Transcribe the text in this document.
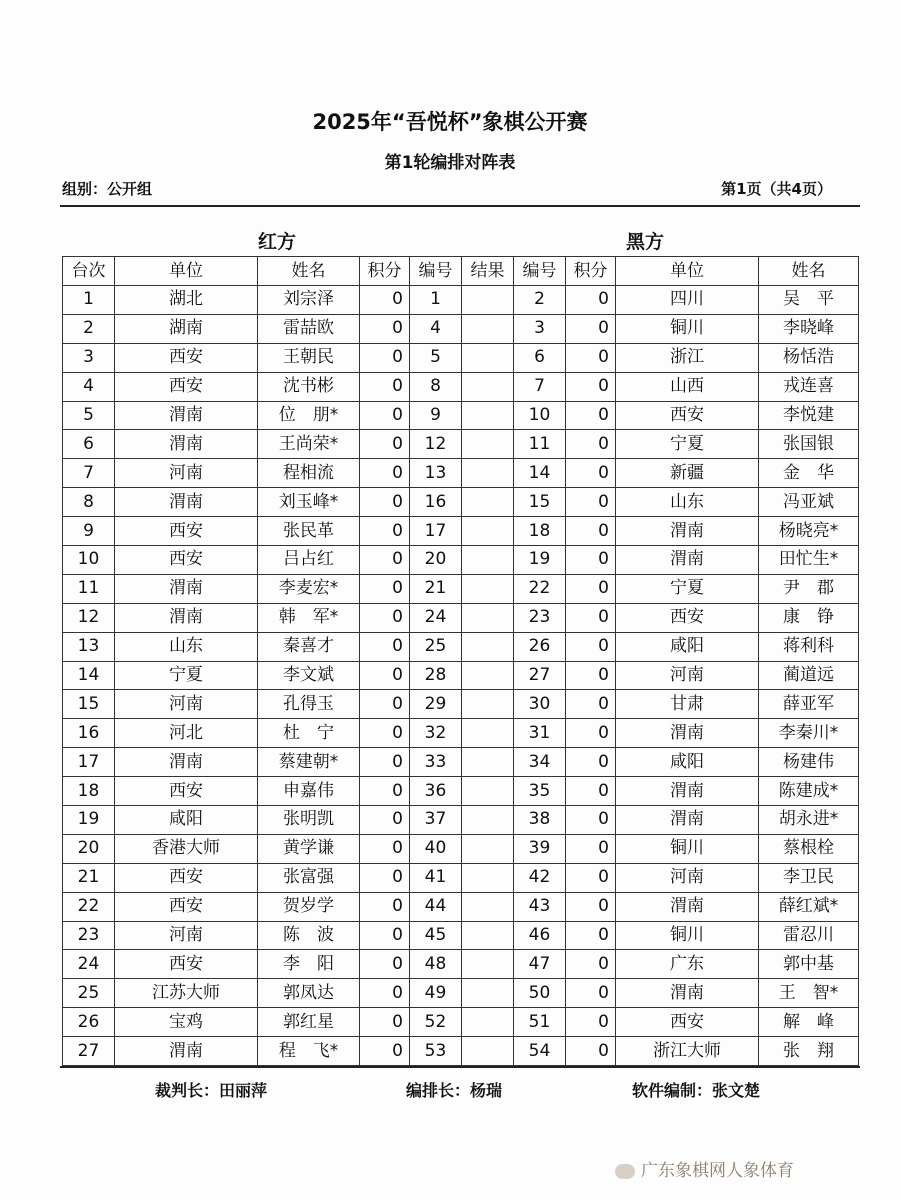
2025年“吾悦杯”象棋公开赛
第1轮编排对阵表
组别：公开组	第1页（共4页）
红方	黑方
台次	单位	姓名	积分	编号	结果	编号	积分	单位	姓名
1	湖北	刘宗泽	0	1		2	0	四川	吴　平
2	湖南	雷喆欧	0	4		3	0	铜川	李晓峰
3	西安	王朝民	0	5		6	0	浙江	杨恬浩
4	西安	沈书彬	0	8		7	0	山西	戎连喜
5	渭南	位　朋*	0	9		10	0	西安	李悦建
6	渭南	王尚荣*	0	12		11	0	宁夏	张国银
7	河南	程相流	0	13		14	0	新疆	金　华
8	渭南	刘玉峰*	0	16		15	0	山东	冯亚斌
9	西安	张民革	0	17		18	0	渭南	杨晓亮*
10	西安	吕占红	0	20		19	0	渭南	田忙生*
11	渭南	李麦宏*	0	21		22	0	宁夏	尹　郡
12	渭南	韩　军*	0	24		23	0	西安	康　铮
13	山东	秦喜才	0	25		26	0	咸阳	蒋利科
14	宁夏	李文斌	0	28		27	0	河南	蔺道远
15	河南	孔得玉	0	29		30	0	甘肃	薛亚军
16	河北	杜　宁	0	32		31	0	渭南	李秦川*
17	渭南	蔡建朝*	0	33		34	0	咸阳	杨建伟
18	西安	申嘉伟	0	36		35	0	渭南	陈建成*
19	咸阳	张明凯	0	37		38	0	渭南	胡永进*
20	香港大师	黄学谦	0	40		39	0	铜川	蔡根栓
21	西安	张富强	0	41		42	0	河南	李卫民
22	西安	贺岁学	0	44		43	0	渭南	薛红斌*
23	河南	陈　波	0	45		46	0	铜川	雷忍川
24	西安	李　阳	0	48		47	0	广东	郭中基
25	江苏大师	郭凤达	0	49		50	0	渭南	王　智*
26	宝鸡	郭红星	0	52		51	0	西安	解　峰
27	渭南	程　飞*	0	53		54	0	浙江大师	张　翔
裁判长：田丽萍	编排长：杨瑞	软件编制：张文楚
广东象棋网人象体育
